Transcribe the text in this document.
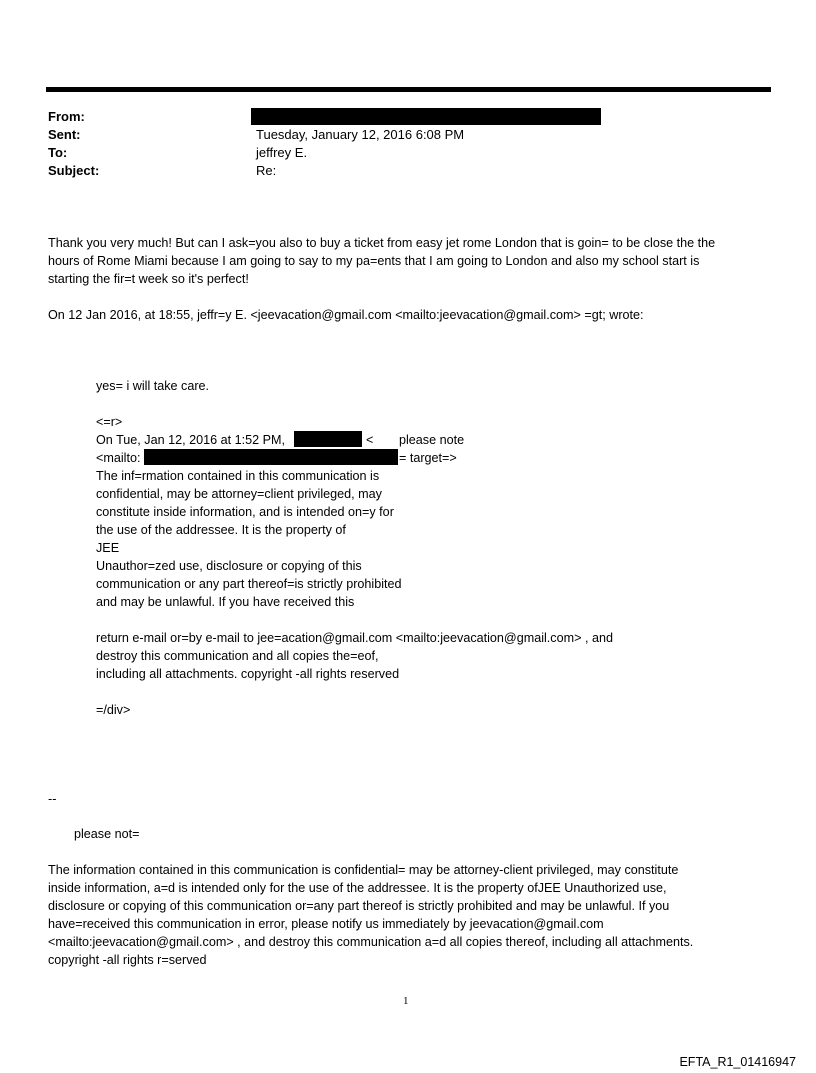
From:
Sent:	Tuesday, January 12, 2016 6:08 PM
To:	jeffrey E.
Subject:	Re:
Thank you very much! But can I ask=you also to buy a ticket from easy jet rome London that is goin= to be close the the
hours of Rome Miami because I am going to say to my pa=ents that I am going to London and also my school start is
starting the fir=t week so it's perfect!
On 12 Jan 2016, at 18:55, jeffr=y E. <jeevacation@gmail.com <mailto:jeevacation@gmail.com> =gt; wrote:
yes= i will take care.
<=r>
On Tue, Jan 12, 2016 at 1:52 PM,	< please note
<mailto:	= target=>
The inf=rmation contained in this communication is
confidential, may be attorney=client privileged, may
constitute inside information, and is intended on=y for
the use of the addressee. It is the property of
JEE
Unauthor=zed use, disclosure or copying of this
communication or any part thereof=is strictly prohibited
and may be unlawful. If you have received this
return e-mail or=by e-mail to jee=acation@gmail.com <mailto:jeevacation@gmail.com> , and
destroy this communication and all copies the=eof,
including all attachments. copyright -all rights reserved
=/div>
--
please not=
The information contained in this communication is confidential= may be attorney-client privileged, may constitute
inside information, a=d is intended only for the use of the addressee. It is the property ofJEE Unauthorized use,
disclosure or copying of this communication or=any part thereof is strictly prohibited and may be unlawful. If you
have=received this communication in error, please notify us immediately by jeevacation@gmail.com
<mailto:jeevacation@gmail.com> , and destroy this communication a=d all copies thereof, including all attachments.
copyright -all rights r=served
1
EFTA_R1_01416947
